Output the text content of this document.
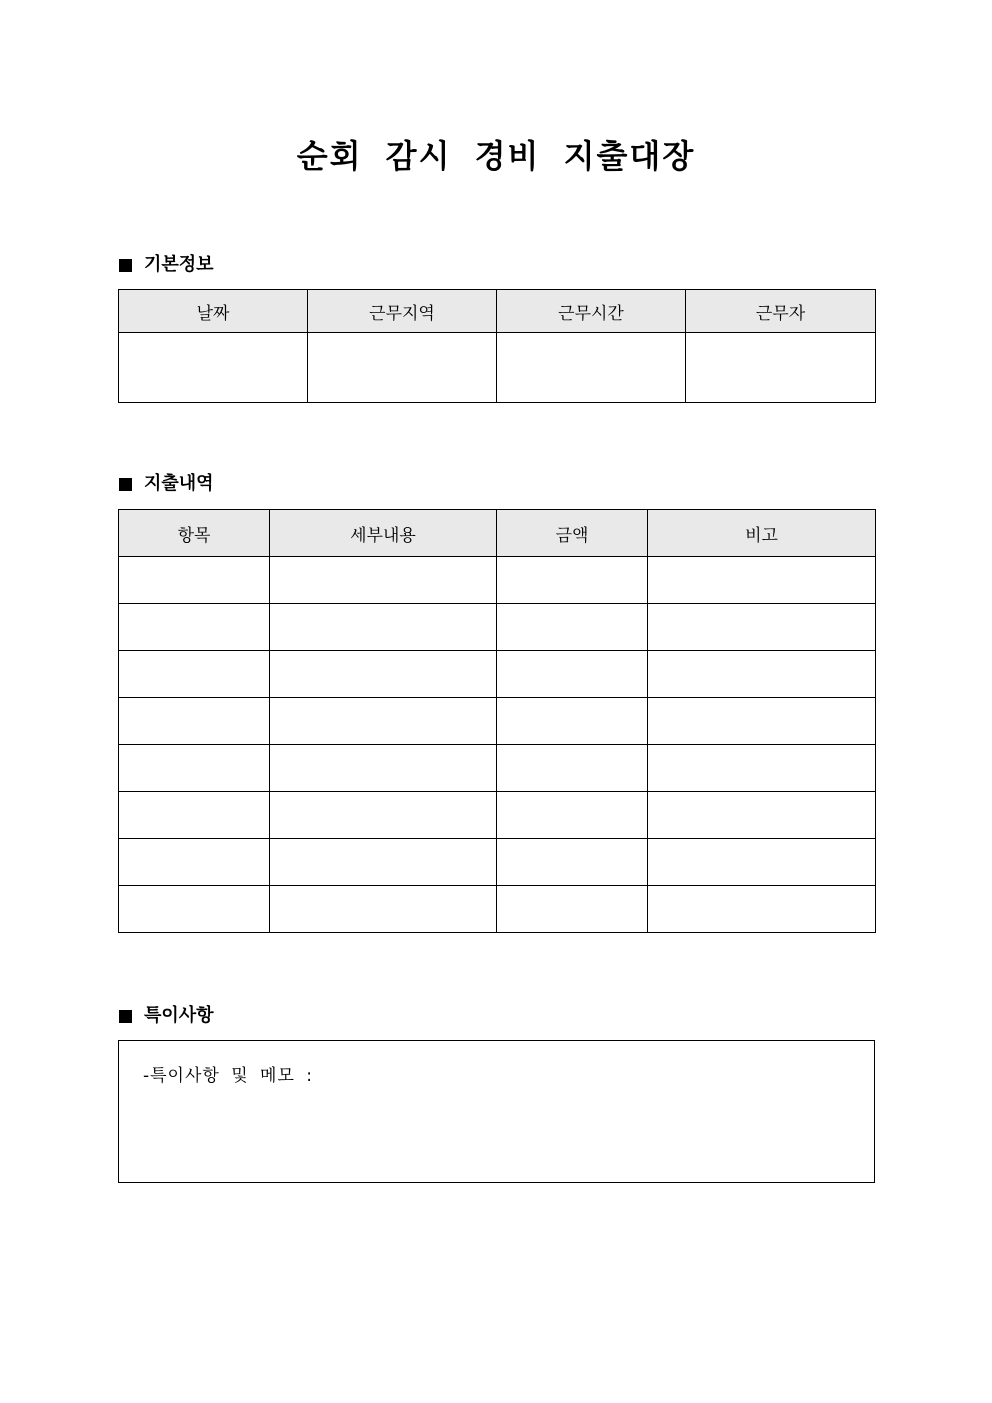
순회 감시 경비 지출대장
기본정보
날짜	근무지역	근무시간	근무자

지출내역
항목	세부내용	금액	비고

특이사항
-특이사항 및 메모 :
